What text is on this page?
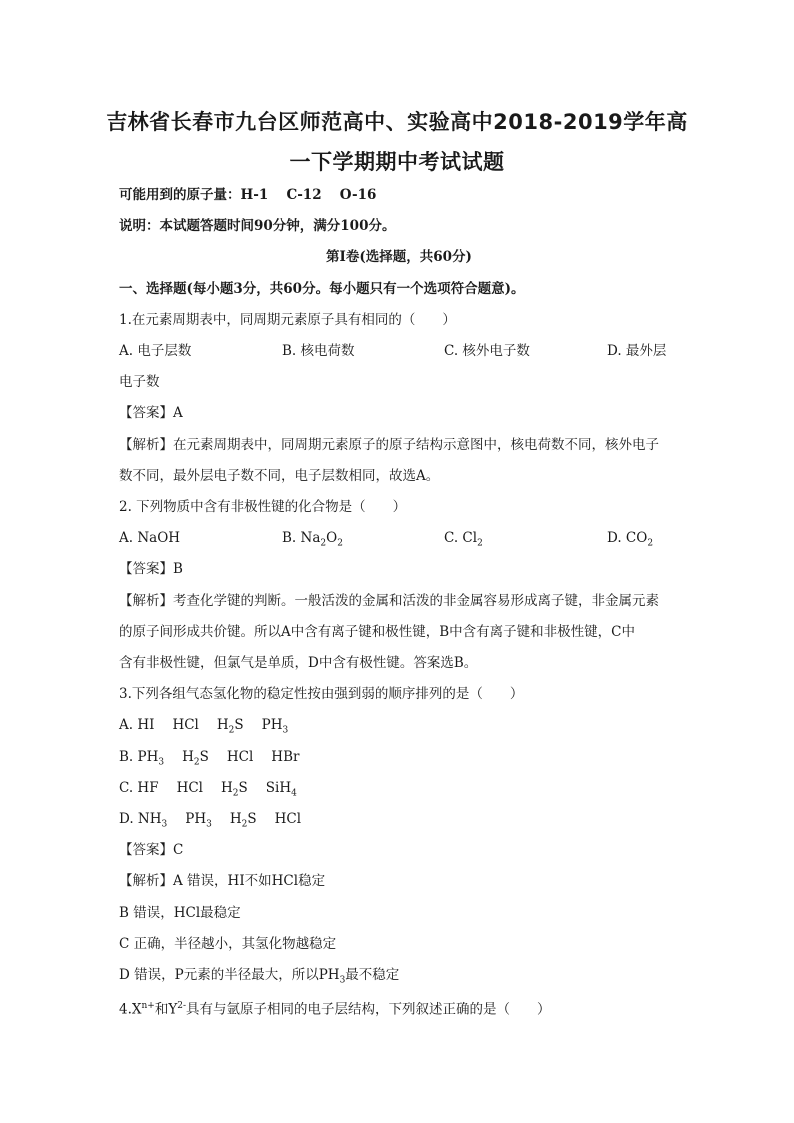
吉林省长春市九台区师范高中、实验高中2018-2019学年高
一下学期期中考试试题
可能用到的原子量：H-1　 C-12　 O-16
说明：本试题答题时间90分钟，满分100分。
第Ⅰ卷(选择题，共60分)
一、选择题(每小题3分，共60分。每小题只有一个选项符合题意)。
1.在元素周期表中，同周期元素原子具有相同的（　　）
A. 电子层数	B. 核电荷数	C. 核外电子数	D. 最外层
电子数
【答案】A
【解析】在元素周期表中，同周期元素原子的原子结构示意图中，核电荷数不同，核外电子
数不同，最外层电子数不同，电子层数相同，故选A。
2. 下列物质中含有非极性键的化合物是（　　）
A. NaOH	B. $Na_2O_2$	C. $Cl_2$	D. $CO_2$
【答案】B
【解析】考查化学键的判断。一般活泼的金属和活泼的非金属容易形成离子键，非金属元素
的原子间形成共价键。所以A中含有离子键和极性键，B中含有离子键和非极性键，C中
含有非极性键，但氯气是单质，D中含有极性键。答案选B。
3.下列各组气态氢化物的稳定性按由强到弱的顺序排列的是（　　）
A. HI HCl $H_2S$ $PH_3$
B. $PH_3$ $H_2S$ HCl HBr
C. HF HCl $H_2S$ SiH$_4$
D. $NH_3$ $PH_3$ $H_2S$ HCl
【答案】C
【解析】A 错误，HI不如HCl稳定
B 错误，HCl最稳定
C 正确，半径越小，其氢化物越稳定
D 错误，P元素的半径最大，所以$PH_3$最不稳定
$4.X^{n+}$和$Y^{2-}$具有与氩原子相同的电子层结构，下列叙述正确的是（　　）
